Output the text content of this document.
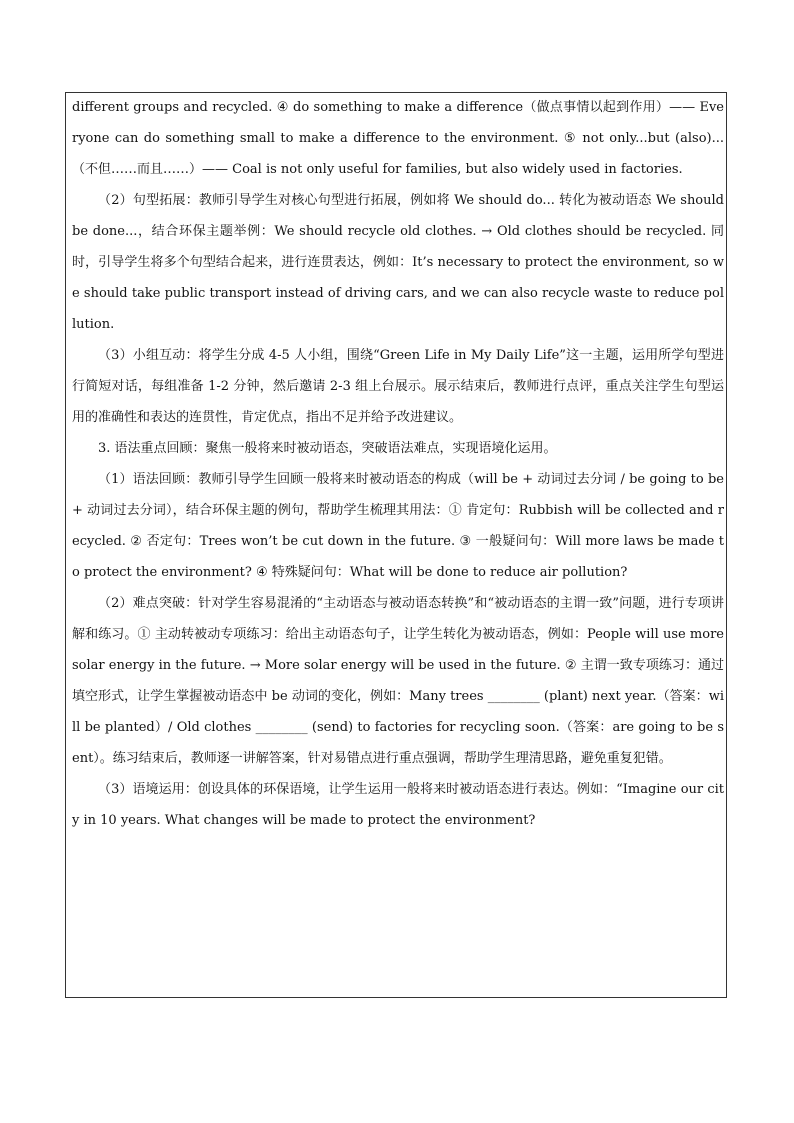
different groups and recycled. ④ do something to make a difference（做点事情以起到作用）—— Everyone can do something small to make a difference to the environment. ⑤ not only...but (also)...（不但……而且……）—— Coal is not only useful for families, but also widely used in factories.

（2）句型拓展：教师引导学生对核心句型进行拓展，例如将 We should do... 转化为被动语态 We should be done...，结合环保主题举例：We should recycle old clothes. → Old clothes should be recycled. 同时，引导学生将多个句型结合起来，进行连贯表达，例如：It’s necessary to protect the environment, so we should take public transport instead of driving cars, and we can also recycle waste to reduce pollution.

（3）小组互动：将学生分成 4-5 人小组，围绕“Green Life in My Daily Life”这一主题，运用所学句型进行简短对话，每组准备 1-2 分钟，然后邀请 2-3 组上台展示。展示结束后，教师进行点评，重点关注学生句型运用的准确性和表达的连贯性，肯定优点，指出不足并给予改进建议。

3. 语法重点回顾：聚焦一般将来时被动语态，突破语法难点，实现语境化运用。

（1）语法回顾：教师引导学生回顾一般将来时被动语态的构成（will be + 动词过去分词 / be going to be + 动词过去分词），结合环保主题的例句，帮助学生梳理其用法：① 肯定句：Rubbish will be collected and recycled. ② 否定句：Trees won’t be cut down in the future. ③ 一般疑问句：Will more laws be made to protect the environment? ④ 特殊疑问句：What will be done to reduce air pollution?

（2）难点突破：针对学生容易混淆的“主动语态与被动语态转换”和“被动语态的主谓一致”问题，进行专项讲解和练习。① 主动转被动专项练习：给出主动语态句子，让学生转化为被动语态，例如：People will use more solar energy in the future. → More solar energy will be used in the future. ② 主谓一致专项练习：通过填空形式，让学生掌握被动语态中 be 动词的变化，例如：Many trees ________ (plant) next year.（答案：will be planted）/ Old clothes ________ (send) to factories for recycling soon.（答案：are going to be sent）。练习结束后，教师逐一讲解答案，针对易错点进行重点强调，帮助学生理清思路，避免重复犯错。

（3）语境运用：创设具体的环保语境，让学生运用一般将来时被动语态进行表达。例如：“Imagine our city in 10 years. What changes will be made to protect the environment?
